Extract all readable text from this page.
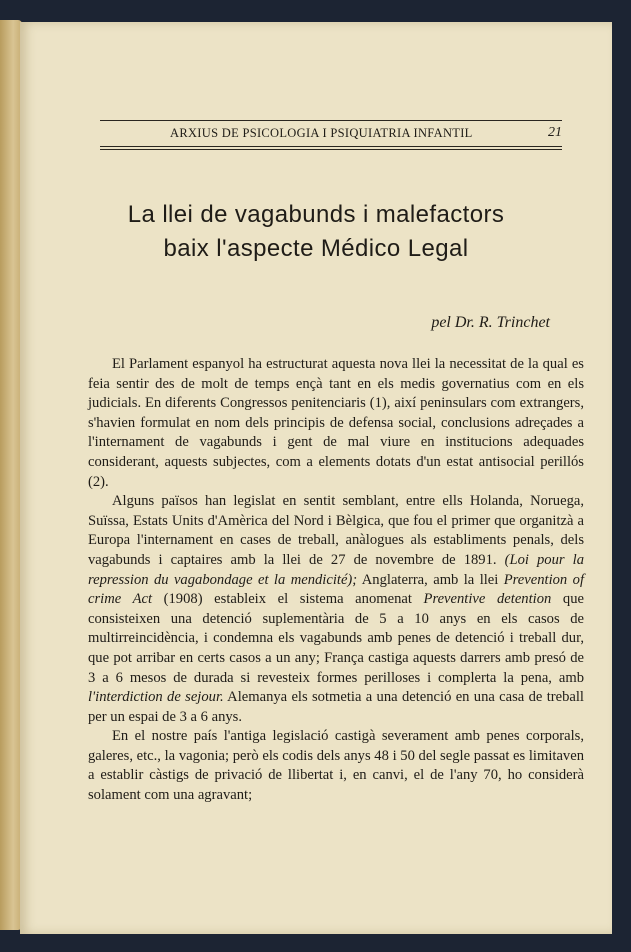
ARXIUS DE PSICOLOGIA I PSIQUIATRIA INFANTIL	21
La llei de vagabunds i malefactors
baix l'aspecte Médico Legal
pel Dr. R. Trinchet

El Parlament espanyol ha estructurat aquesta nova llei la necessitat de la qual es feia sentir des de molt de temps ençà tant en els medis governatius com en els judicials. En diferents Congressos penitenciaris (1), així peninsulars com extrangers, s'havien formulat en nom dels principis de defensa social, conclusions adreçades a l'internament de vagabunds i gent de mal viure en institucions adequades considerant, aquests subjectes, com a elements dotats d'un estat antisocial perillós (2).

Alguns països han legislat en sentit semblant, entre ells Holanda, Noruega, Suïssa, Estats Units d'Amèrica del Nord i Bèlgica, que fou el primer que organitzà a Europa l'internament en cases de treball, anàlogues als establiments penals, dels vagabunds i captaires amb la llei de 27 de novembre de 1891. (Loi pour la repression du vagabondage et la mendicité); Anglaterra, amb la llei Prevention of crime Act (1908) estableix el sistema anomenat Preventive detention que consisteixen una detenció suplementària de 5 a 10 anys en els casos de multirreincidència, i condemna els vagabunds amb penes de detenció i treball dur, que pot arribar en certs casos a un any; França castiga aquests darrers amb presó de 3 a 6 mesos de durada si revesteix formes perilloses i complerta la pena, amb l'interdiction de sejour. Alemanya els sotmetia a una detenció en una casa de treball per un espai de 3 a 6 anys.

En el nostre país l'antiga legislació castigà severament amb penes corporals, galeres, etc., la vagonia; però els codis dels anys 48 i 50 del segle passat es limitaven a establir càstigs de privació de llibertat i, en canvi, el de l'any 70, ho considerà solament com una agravant;
